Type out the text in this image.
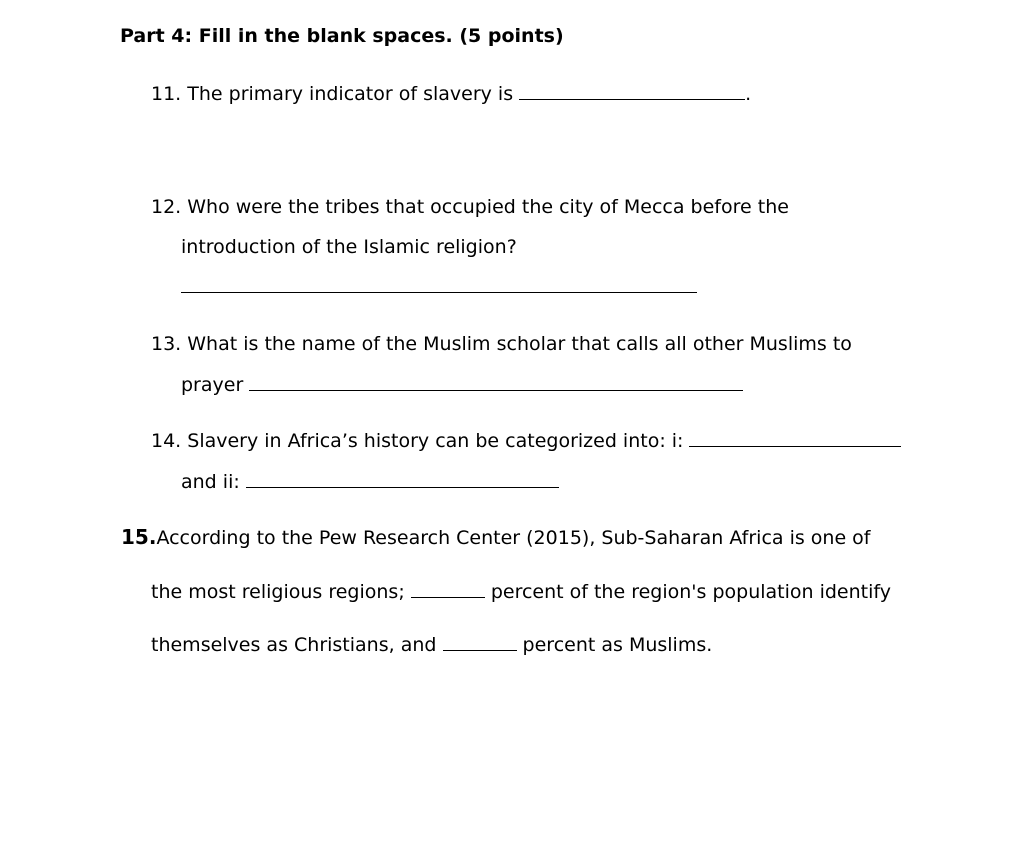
Part 4: Fill in the blank spaces. (5 points)
11. The primary indicator of slavery is	.
12. Who were the tribes that occupied the city of Mecca before the
introduction of the Islamic religion?
13. What is the name of the Muslim scholar that calls all other Muslims to
prayer
14. Slavery in Africa’s history can be categorized into: i:
and ii:
15.According to the Pew Research Center (2015), Sub-Saharan Africa is one of
the most religious regions;	percent of the region's population identify
themselves as Christians, and	percent as Muslims.
